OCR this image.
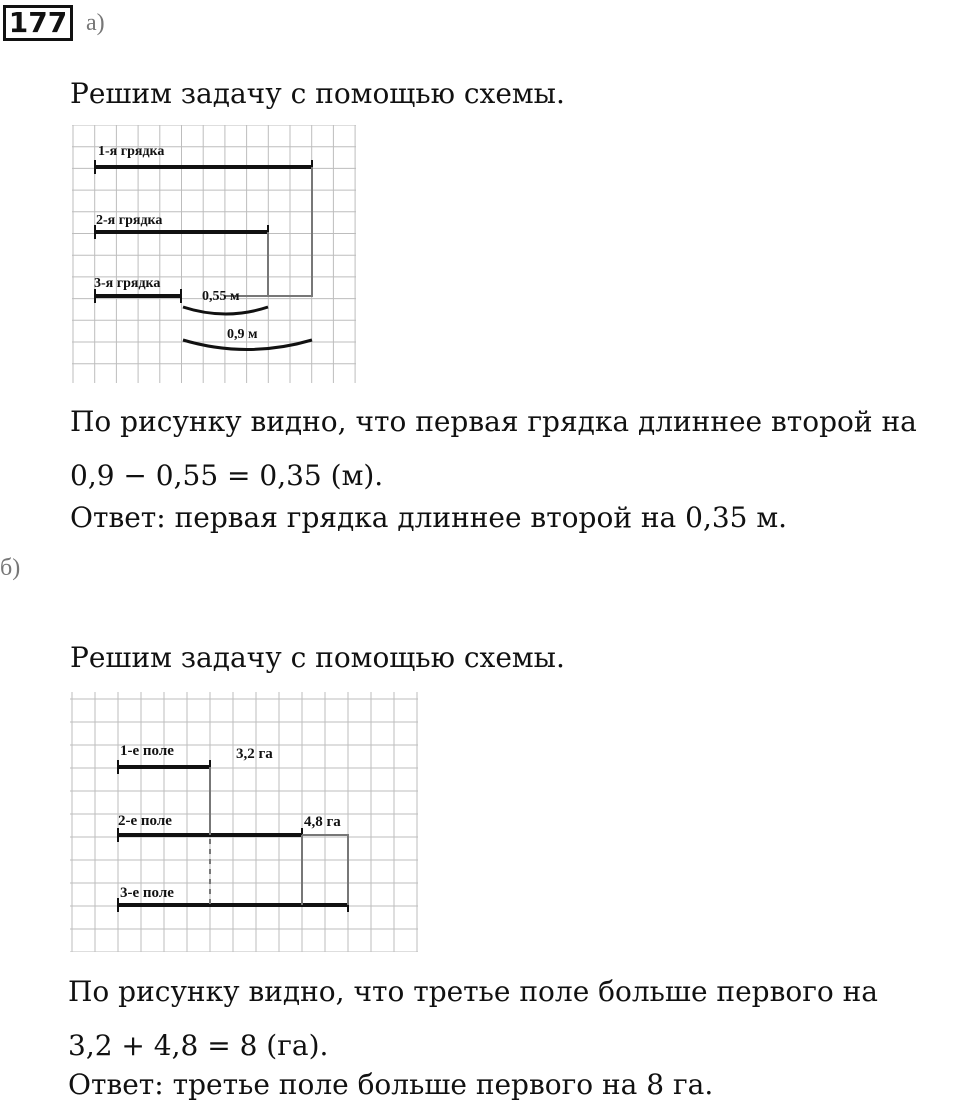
177 а)
Решим задачу с помощью схемы.
1-я грядка
2-я грядка
3-я грядка
0,55 м
0,9 м
По рисунку видно, что первая грядка длиннее второй на
0,9 − 0,55 = 0,35 (м).
Ответ: первая грядка длиннее второй на 0,35 м.
б)
Решим задачу с помощью схемы.
1-е поле	3,2 га
2-е поле	4,8 га
3-е поле
По рисунку видно, что третье поле больше первого на
3,2 + 4,8 = 8 (га).
Ответ: третье поле больше первого на 8 га.
